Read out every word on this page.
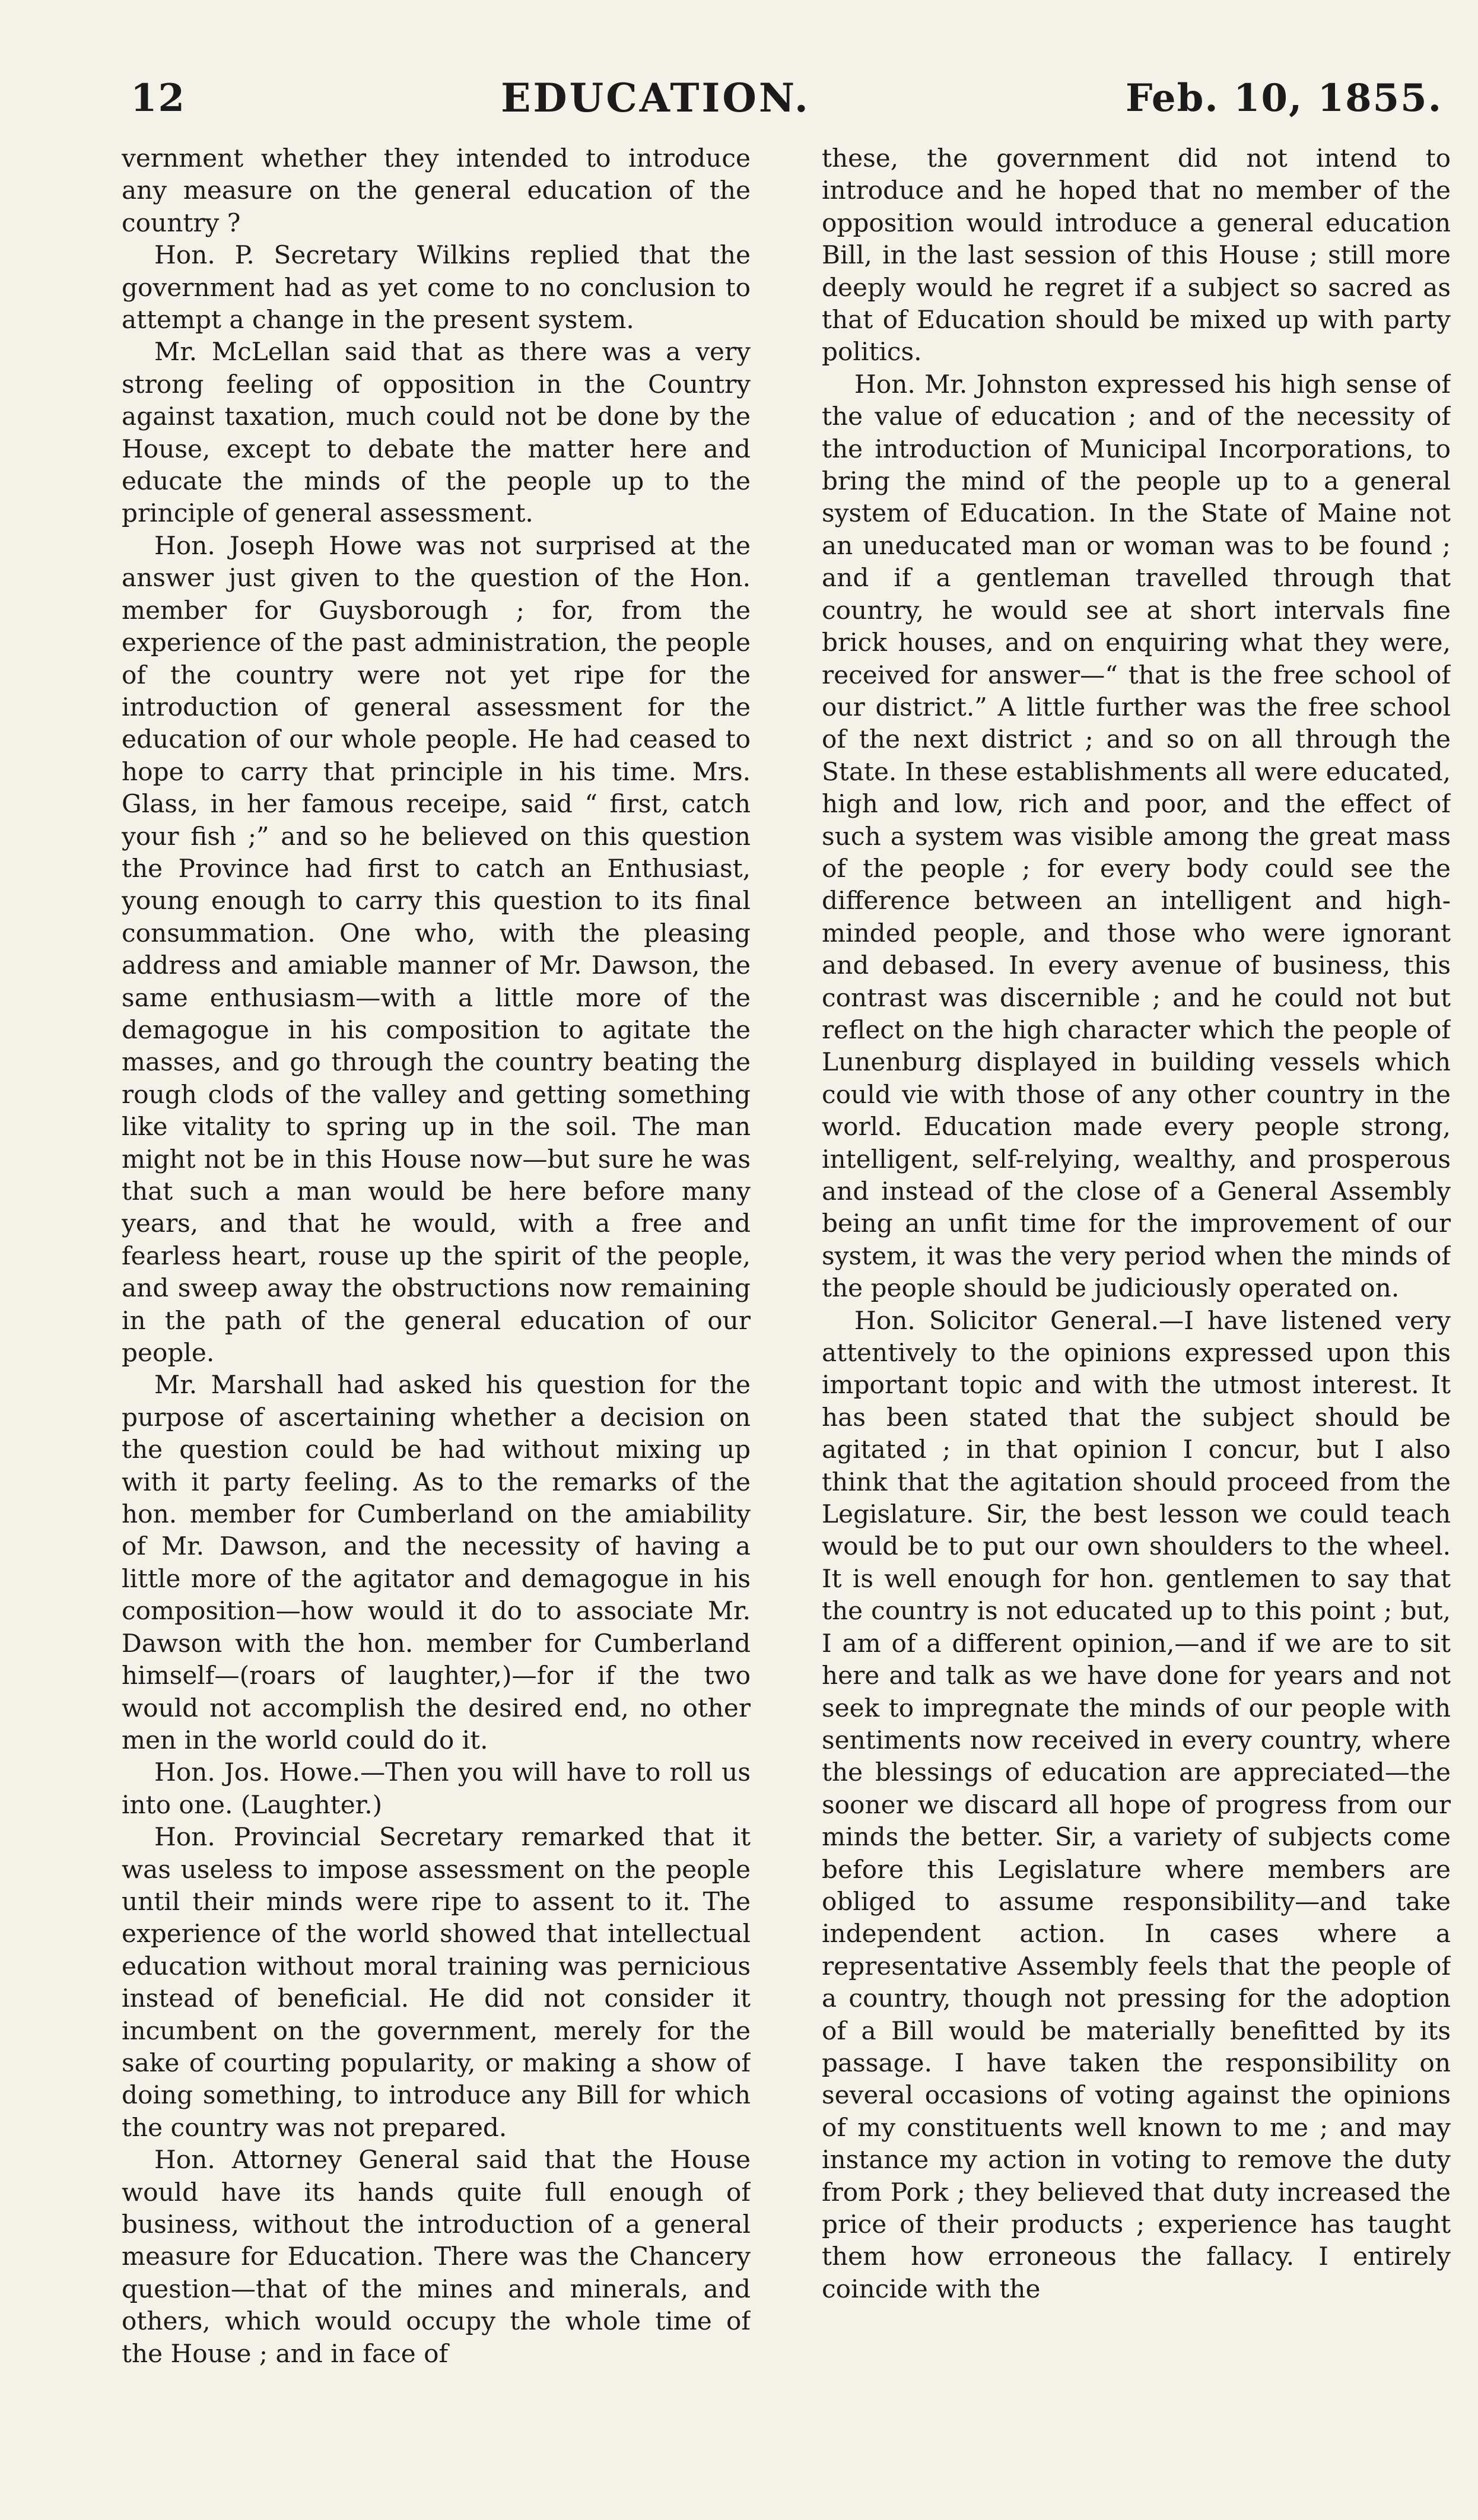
12	EDUCATION.	Feb. 10, 1855.

vernment whether they intended to introduce any measure on the general education of the country ?

Hon. P. Secretary Wilkins replied that the government had as yet come to no conclusion to attempt a change in the present system.

Mr. McLellan said that as there was a very strong feeling of opposition in the Country against taxation, much could not be done by the House, except to debate the matter here and educate the minds of the people up to the principle of general assessment.

Hon. Joseph Howe was not surprised at the answer just given to the question of the Hon. member for Guysborough ; for, from the experience of the past administration, the people of the country were not yet ripe for the introduction of general assessment for the education of our whole people. He had ceased to hope to carry that principle in his time. Mrs. Glass, in her famous receipe, said “ first, catch your fish ;” and so he believed on this question the Province had first to catch an Enthusiast, young enough to carry this question to its final consummation. One who, with the pleasing address and amiable manner of Mr. Dawson, the same enthusiasm—with a little more of the demagogue in his composition to agitate the masses, and go through the country beating the rough clods of the valley and getting something like vitality to spring up in the soil. The man might not be in this House now—but sure he was that such a man would be here before many years, and that he would, with a free and fearless heart, rouse up the spirit of the people, and sweep away the obstructions now remaining in the path of the general education of our people.

Mr. Marshall had asked his question for the purpose of ascertaining whether a decision on the question could be had without mixing up with it party feeling. As to the remarks of the hon. member for Cumberland on the amiability of Mr. Dawson, and the necessity of having a little more of the agitator and demagogue in his composition—how would it do to associate Mr. Dawson with the hon. member for Cumberland himself—(roars of laughter,)—for if the two would not accomplish the desired end, no other men in the world could do it.

Hon. Jos. Howe.—Then you will have to roll us into one. (Laughter.)

Hon. Provincial Secretary remarked that it was useless to impose assessment on the people until their minds were ripe to assent to it. The experience of the world showed that intellectual education without moral training was pernicious instead of beneficial. He did not consider it incumbent on the government, merely for the sake of courting popularity, or making a show of doing something, to introduce any Bill for which the country was not prepared.

Hon. Attorney General said that the House would have its hands quite full enough of business, without the introduction of a general measure for Education. There was the Chancery question—that of the mines and minerals, and others, which would occupy the whole time of the House ; and in face of

these, the government did not intend to introduce and he hoped that no member of the opposition would introduce a general education Bill, in the last session of this House ; still more deeply would he regret if a subject so sacred as that of Education should be mixed up with party politics.

Hon. Mr. Johnston expressed his high sense of the value of education ; and of the necessity of the introduction of Municipal Incorporations, to bring the mind of the people up to a general system of Education. In the State of Maine not an uneducated man or woman was to be found ; and if a gentleman travelled through that country, he would see at short intervals fine brick houses, and on enquiring what they were, received for answer—“ that is the free school of our district.” A little further was the free school of the next district ; and so on all through the State. In these establishments all were educated, high and low, rich and poor, and the effect of such a system was visible among the great mass of the people ; for every body could see the difference between an intelligent and high-minded people, and those who were ignorant and debased. In every avenue of business, this contrast was discernible ; and he could not but reflect on the high character which the people of Lunenburg displayed in building vessels which could vie with those of any other country in the world. Education made every people strong, intelligent, self-relying, wealthy, and prosperous and instead of the close of a General Assembly being an unfit time for the improvement of our system, it was the very period when the minds of the people should be judiciously operated on.

Hon. Solicitor General.—I have listened very attentively to the opinions expressed upon this important topic and with the utmost interest. It has been stated that the subject should be agitated ; in that opinion I concur, but I also think that the agitation should proceed from the Legislature. Sir, the best lesson we could teach would be to put our own shoulders to the wheel. It is well enough for hon. gentlemen to say that the country is not educated up to this point ; but, I am of a different opinion,—and if we are to sit here and talk as we have done for years and not seek to impregnate the minds of our people with sentiments now received in every country, where the blessings of education are appreciated—the sooner we discard all hope of progress from our minds the better. Sir, a variety of subjects come before this Legislature where members are obliged to assume responsibility—and take independent action. In cases where a representative Assembly feels that the people of a country, though not pressing for the adoption of a Bill would be materially benefitted by its passage. I have taken the responsibility on several occasions of voting against the opinions of my constituents well known to me ; and may instance my action in voting to remove the duty from Pork ; they believed that duty increased the price of their products ; experience has taught them how erroneous the fallacy. I entirely coincide with the
